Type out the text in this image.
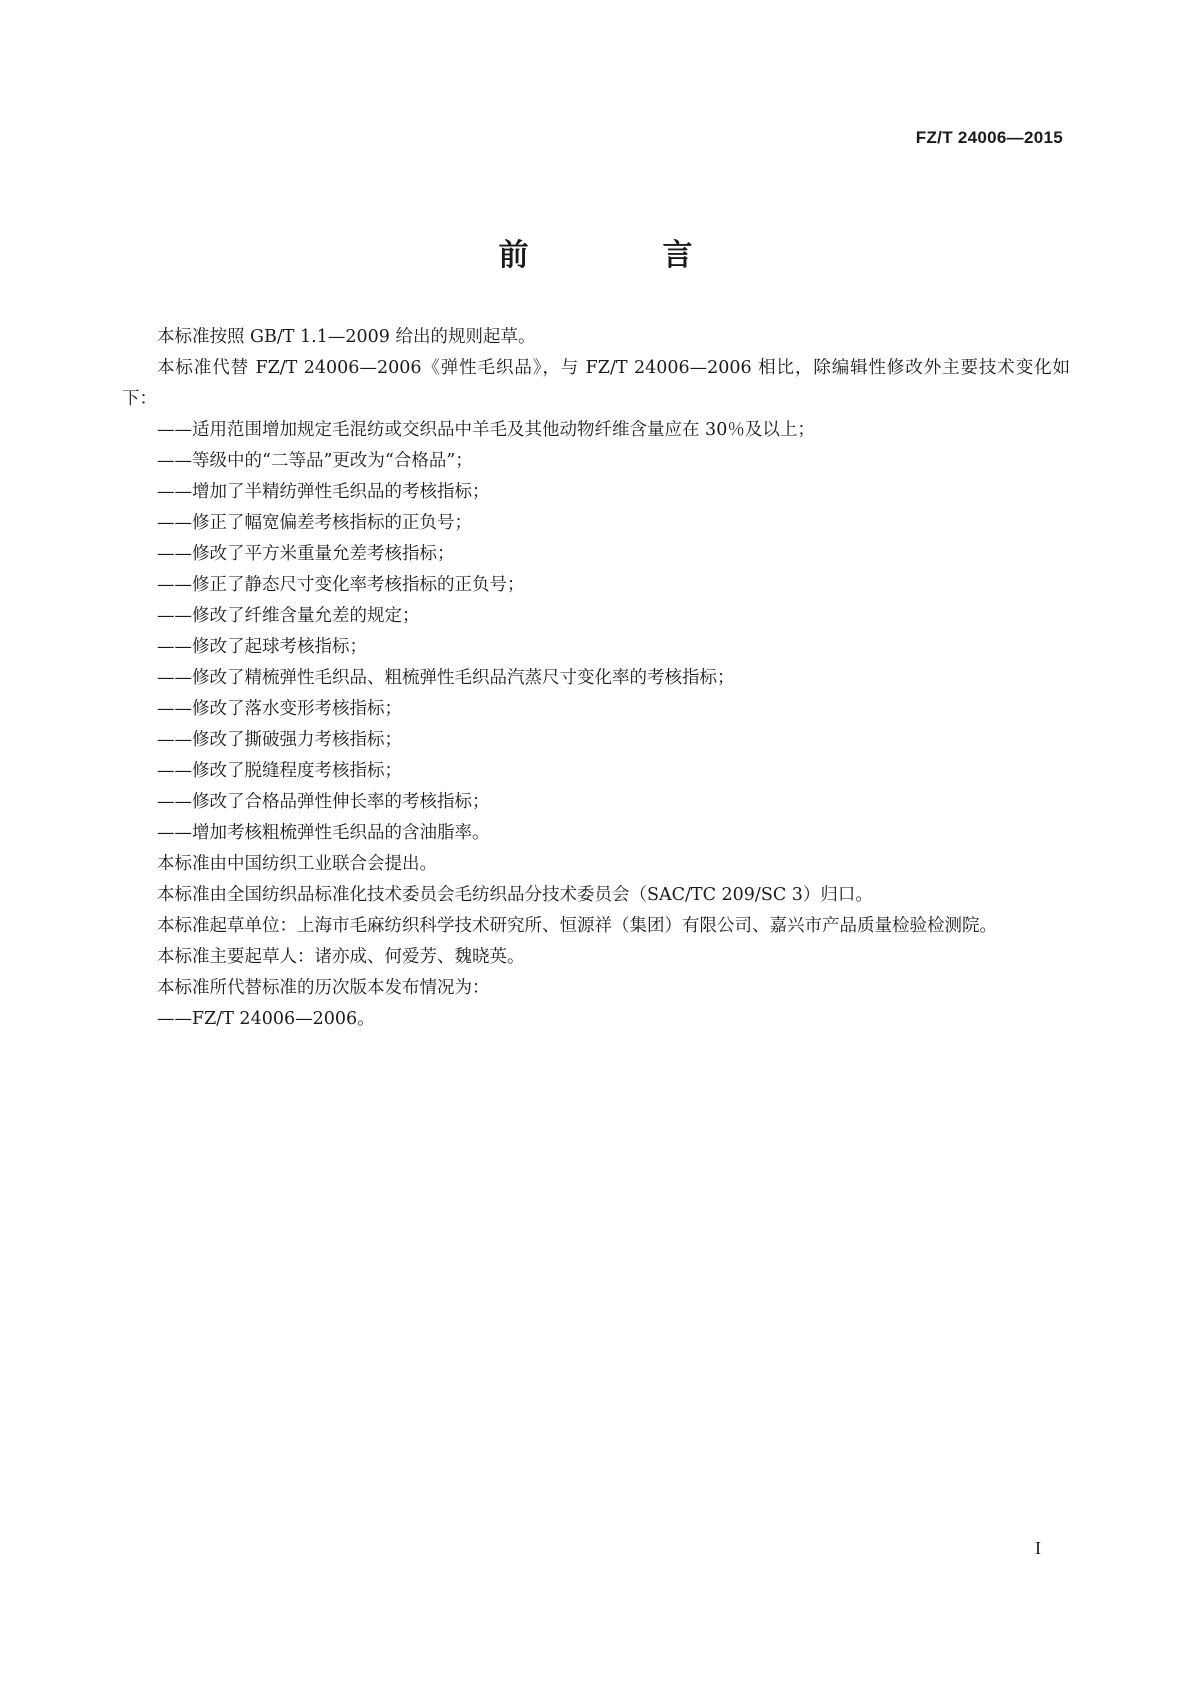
FZ/T 24006—2015
前　言

本标准按照 GB/T 1.1—2009 给出的规则起草。

本标准代替 FZ/T 24006—2006《弹性毛织品》，与 FZ/T 24006—2006 相比，除编辑性修改外主要技术变化如下：

——适用范围增加规定毛混纺或交织品中羊毛及其他动物纤维含量应在 30％及以上；

——等级中的“二等品”更改为“合格品”；

——增加了半精纺弹性毛织品的考核指标；

——修正了幅宽偏差考核指标的正负号；

——修改了平方米重量允差考核指标；

——修正了静态尺寸变化率考核指标的正负号；

——修改了纤维含量允差的规定；

——修改了起球考核指标；

——修改了精梳弹性毛织品、粗梳弹性毛织品汽蒸尺寸变化率的考核指标；

——修改了落水变形考核指标；

——修改了撕破强力考核指标；

——修改了脱缝程度考核指标；

——修改了合格品弹性伸长率的考核指标；

——增加考核粗梳弹性毛织品的含油脂率。

本标准由中国纺织工业联合会提出。

本标准由全国纺织品标准化技术委员会毛纺织品分技术委员会（SAC/TC 209/SC 3）归口。

本标准起草单位：上海市毛麻纺织科学技术研究所、恒源祥（集团）有限公司、嘉兴市产品质量检验检测院。

本标准主要起草人：诸亦成、何爱芳、魏晓英。

本标准所代替标准的历次版本发布情况为：

——FZ/T 24006—2006。

I
